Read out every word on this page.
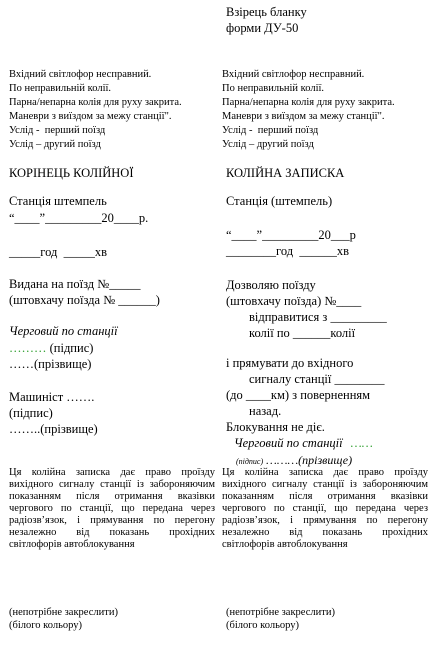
Взірець бланку
форми ДУ-50
Вхідний світлофор несправний.
По неправильній колії.
Парна/непарна колія для руху закрита.
Маневри з виїздом за межу станції".
Услід -  перший поїзд
Услід – другий поїзд
КОРІНЕЦЬ КОЛІЙНОЇ
Станція штемпель
“____”_________20____р.
_____год  _____хв
Видана на поїзд №_____
(штовхачу поїзда № ______)
Черговий по станції
……… (підпис)
……(прізвище)
Машиніст …….
(підпис)
……..(прізвище)
Ця колійна записка дає право проїзду вихідного сигналу станції із забороняючим показанням після отримання вказівки чергового по станції, що передана через радіозв’язок, і прямування по перегону незалежно від показань прохідних світлофорів автоблокування
(непотрібне закреслити)
(білого кольору)
Вхідний світлофор несправний.
По неправильній колії.
Парна/непарна колія для руху закрита.
Маневри з виїздом за межу станції".
Услід -  перший поїзд
Услід – другий поїзд
КОЛІЙНА ЗАПИСКА
Станція (штемпель)
“____”_________20___р
________год  ______хв
Дозволяю поїзду
(штовхачу поїзда) №____
відправитися з _________
колії по ______колії
і прямувати до вхідного
сигналу станції ________
(до ____км) з поверненням
назад.
Блокування не діє.
Черговий по станції ……
(підпис) ………(прізвище)
Ця колійна записка дає право проїзду вихідного сигналу станції із забороняючим показанням після отримання вказівки чергового по станції, що передана через радіозв’язок, і прямування по перегону незалежно від показань прохідних світлофорів автоблокування
(непотрібне закреслити)
(білого кольору)
